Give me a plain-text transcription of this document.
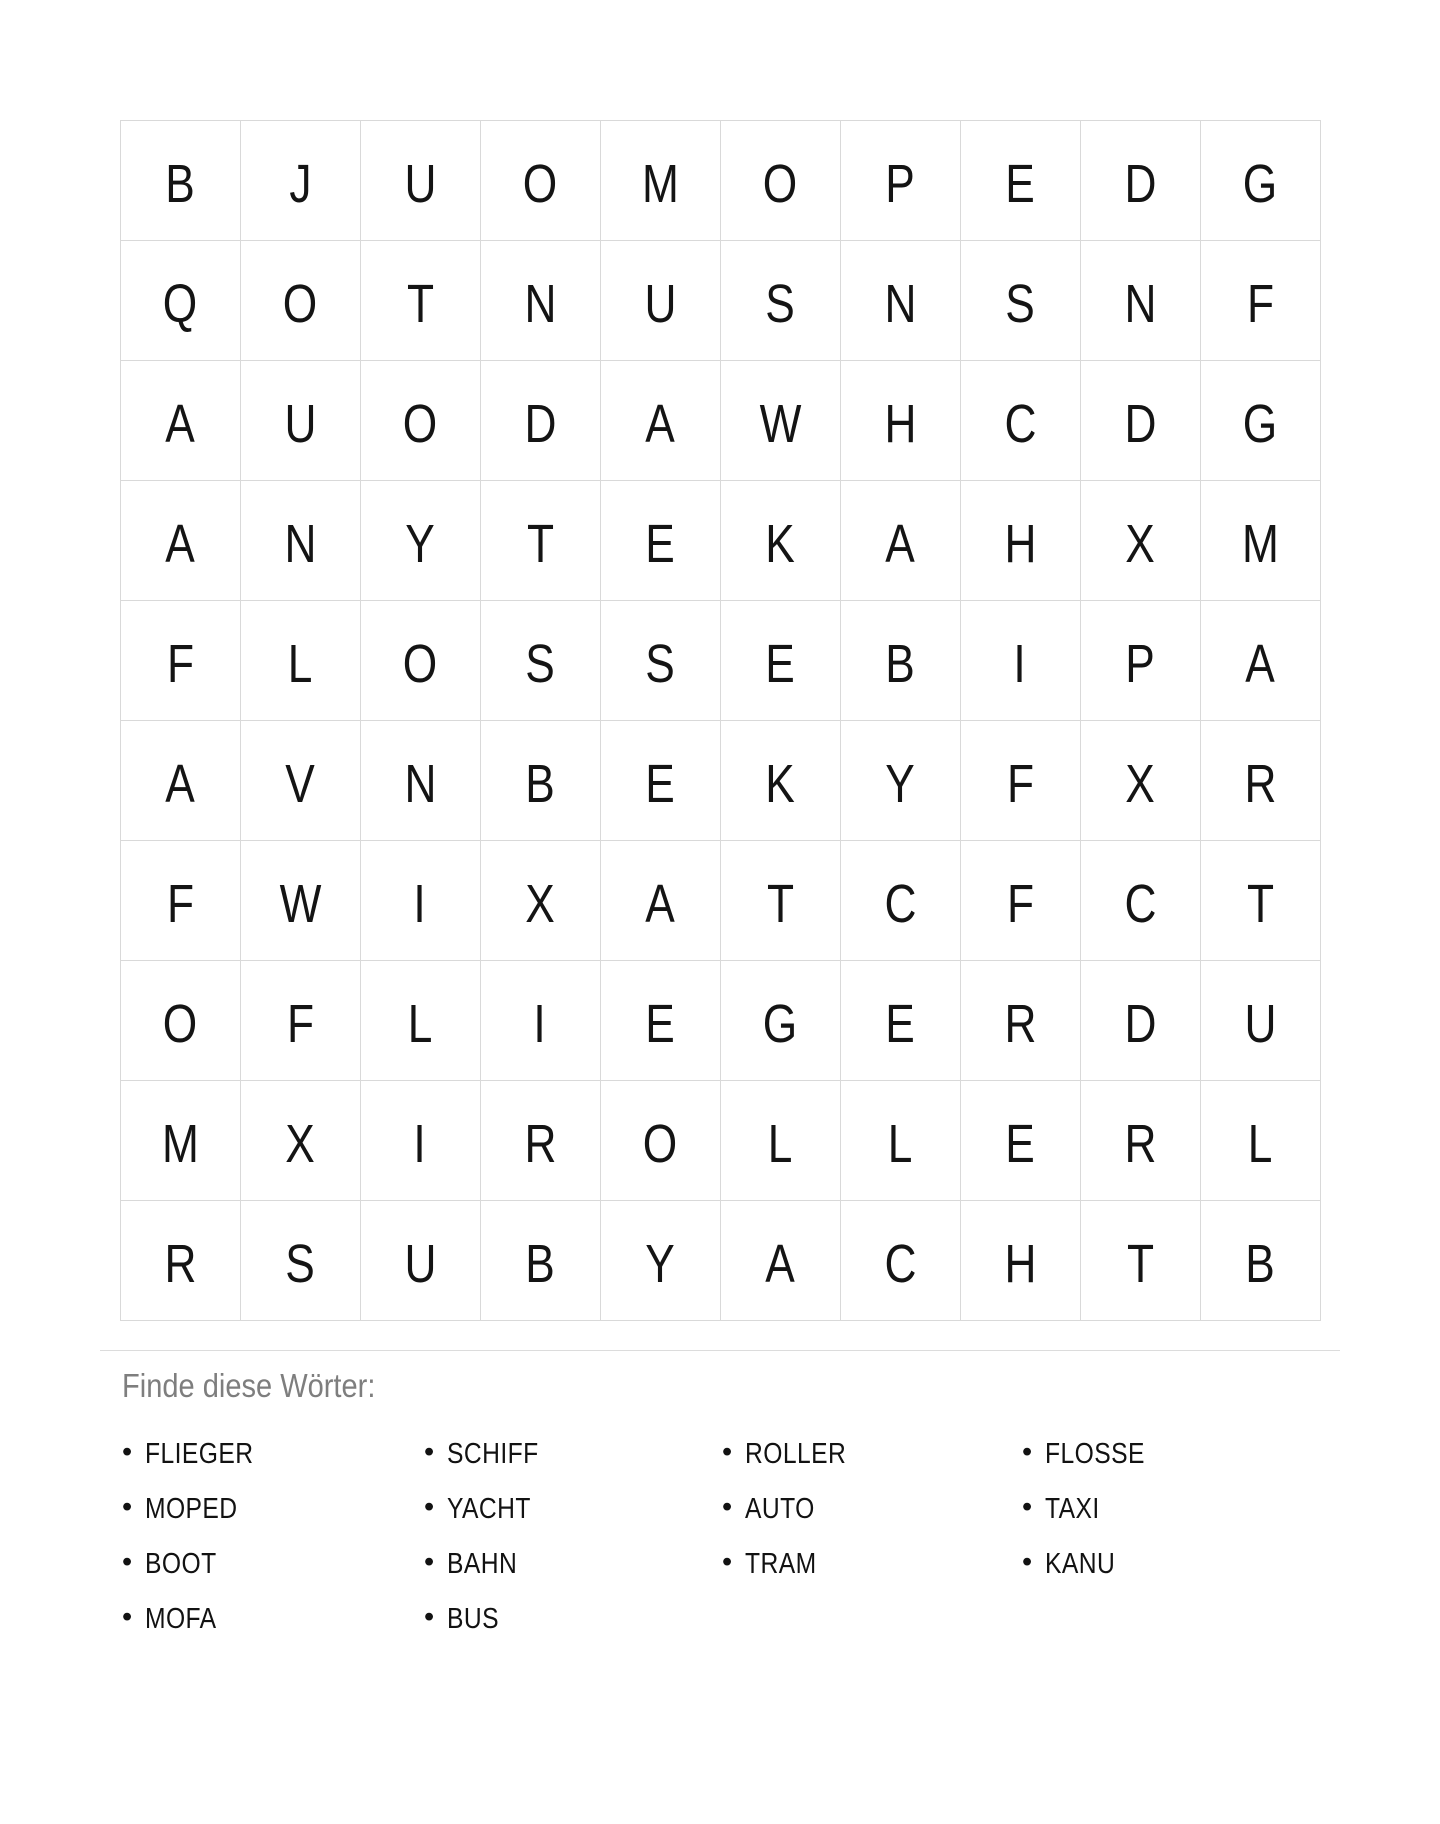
B J U O M O P E D G
Q O T N U S N S N F
A U O D A W H C D G
A N Y T E K A H X M
F L O S S E B I P A
A V N B E K Y F X R
F W I X A T C F C T
O F L I E G E R D U
M X I R O L L E R L
R S U B Y A C H T B
Finde diese Wörter:
• FLIEGER
• MOPED
• BOOT
• MOFA
• SCHIFF
• YACHT
• BAHN
• BUS
• ROLLER
• AUTO
• TRAM
• FLOSSE
• TAXI
• KANU
